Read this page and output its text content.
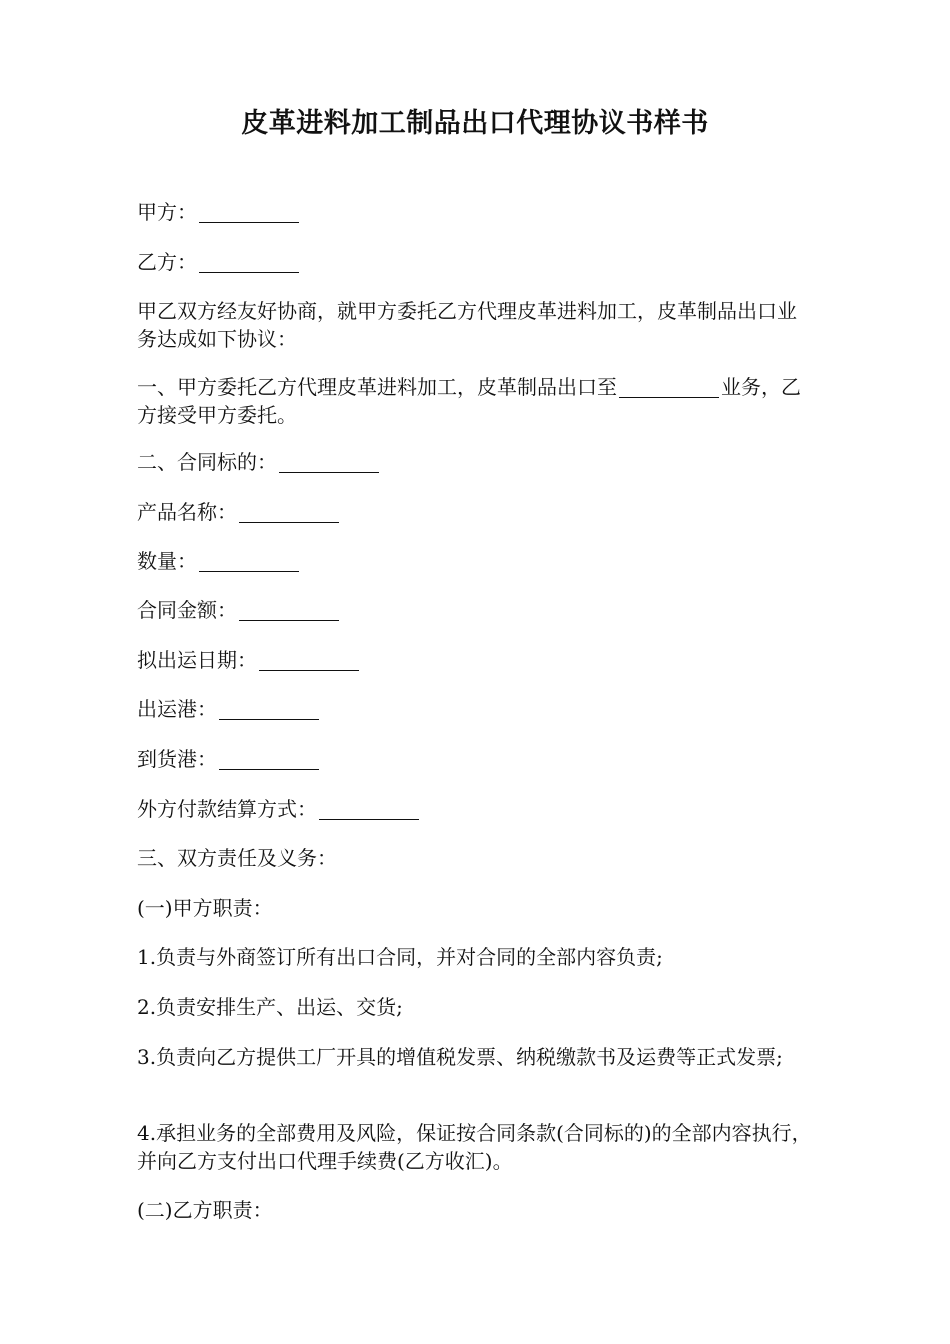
皮革进料加工制品出口代理协议书样书

甲方：

乙方：

甲乙双方经友好协商，就甲方委托乙方代理皮革进料加工，皮革制品出口业务达成如下协议：

一、甲方委托乙方代理皮革进料加工，皮革制品出口至	业务，乙方接受甲方委托。

二、合同标的：

产品名称：

数量：

合同金额：

拟出运日期：

出运港：

到货港：

外方付款结算方式：

三、双方责任及义务：

(一)甲方职责：

1.负责与外商签订所有出口合同，并对合同的全部内容负责;

2.负责安排生产、出运、交货;

3.负责向乙方提供工厂开具的增值税发票、纳税缴款书及运费等正式发票;

4.承担业务的全部费用及风险，保证按合同条款(合同标的)的全部内容执行，并向乙方支付出口代理手续费(乙方收汇)。

(二)乙方职责：
